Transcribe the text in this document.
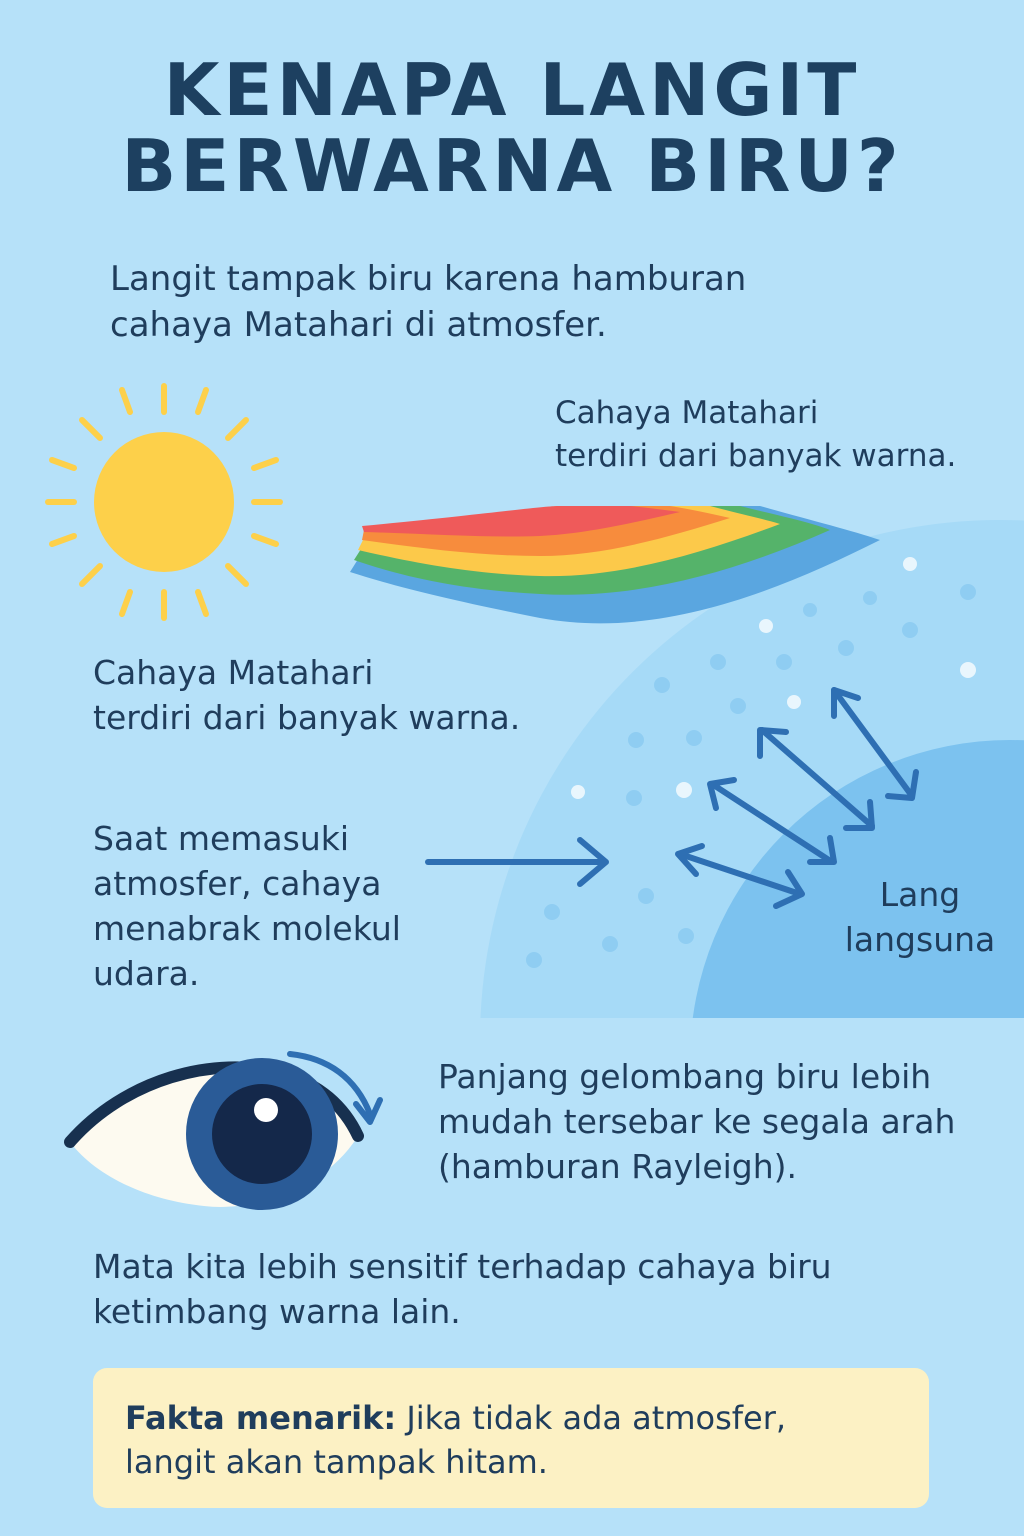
KENAPA LANGIT
BERWARNA BIRU?

Langit tampak biru karena hamburan
cahaya Matahari di atmosfer.

Cahaya Matahari
terdiri dari banyak warna.

Cahaya Matahari
terdiri dari banyak warna.

Saat memasuki
atmosfer, cahaya
menabrak molekul
udara.

Lang
langsuna

Panjang gelombang biru lebih
mudah tersebar ke segala arah
(hamburan Rayleigh).

Mata kita lebih sensitif terhadap cahaya biru
ketimbang warna lain.

Fakta menarik: Jika tidak ada atmosfer,
langit akan tampak hitam.
